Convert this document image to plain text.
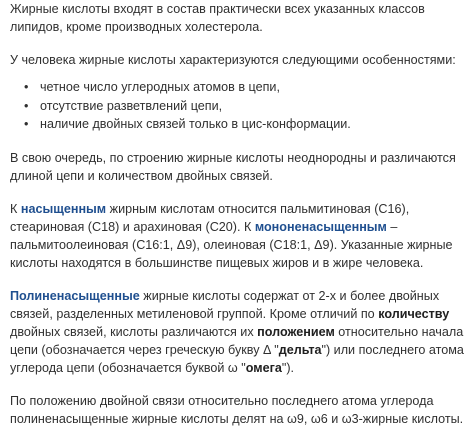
Жирные кислоты входят в состав практически всех указанных классов липидов, кроме производных холестерола.

У человека жирные кислоты характеризуются следующими особенностями:

• четное число углеродных атомов в цепи,
• отсутствие разветвлений цепи,
• наличие двойных связей только в цис-конформации.

В свою очередь, по строению жирные кислоты неоднородны и различаются длиной цепи и количеством двойных связей.

К насыщенным жирным кислотам относится пальмитиновая (С16), стеариновая (С18) и арахиновая (С20). К мононенасыщенным – пальмитоолеиновая (С16:1, Δ9), олеиновая (С18:1, Δ9). Указанные жирные кислоты находятся в большинстве пищевых жиров и в жире человека.

Полиненасыщенные жирные кислоты содержат от 2-х и более двойных связей, разделенных метиленовой группой. Кроме отличий по количеству двойных связей, кислоты различаются их положением относительно начала цепи (обозначается через греческую букву Δ "дельта") или последнего атома углерода цепи (обозначается буквой ω "омега").

По положению двойной связи относительно последнего атома углерода полиненасыщенные жирные кислоты делят на ω9, ω6 и ω3-жирные кислоты.
